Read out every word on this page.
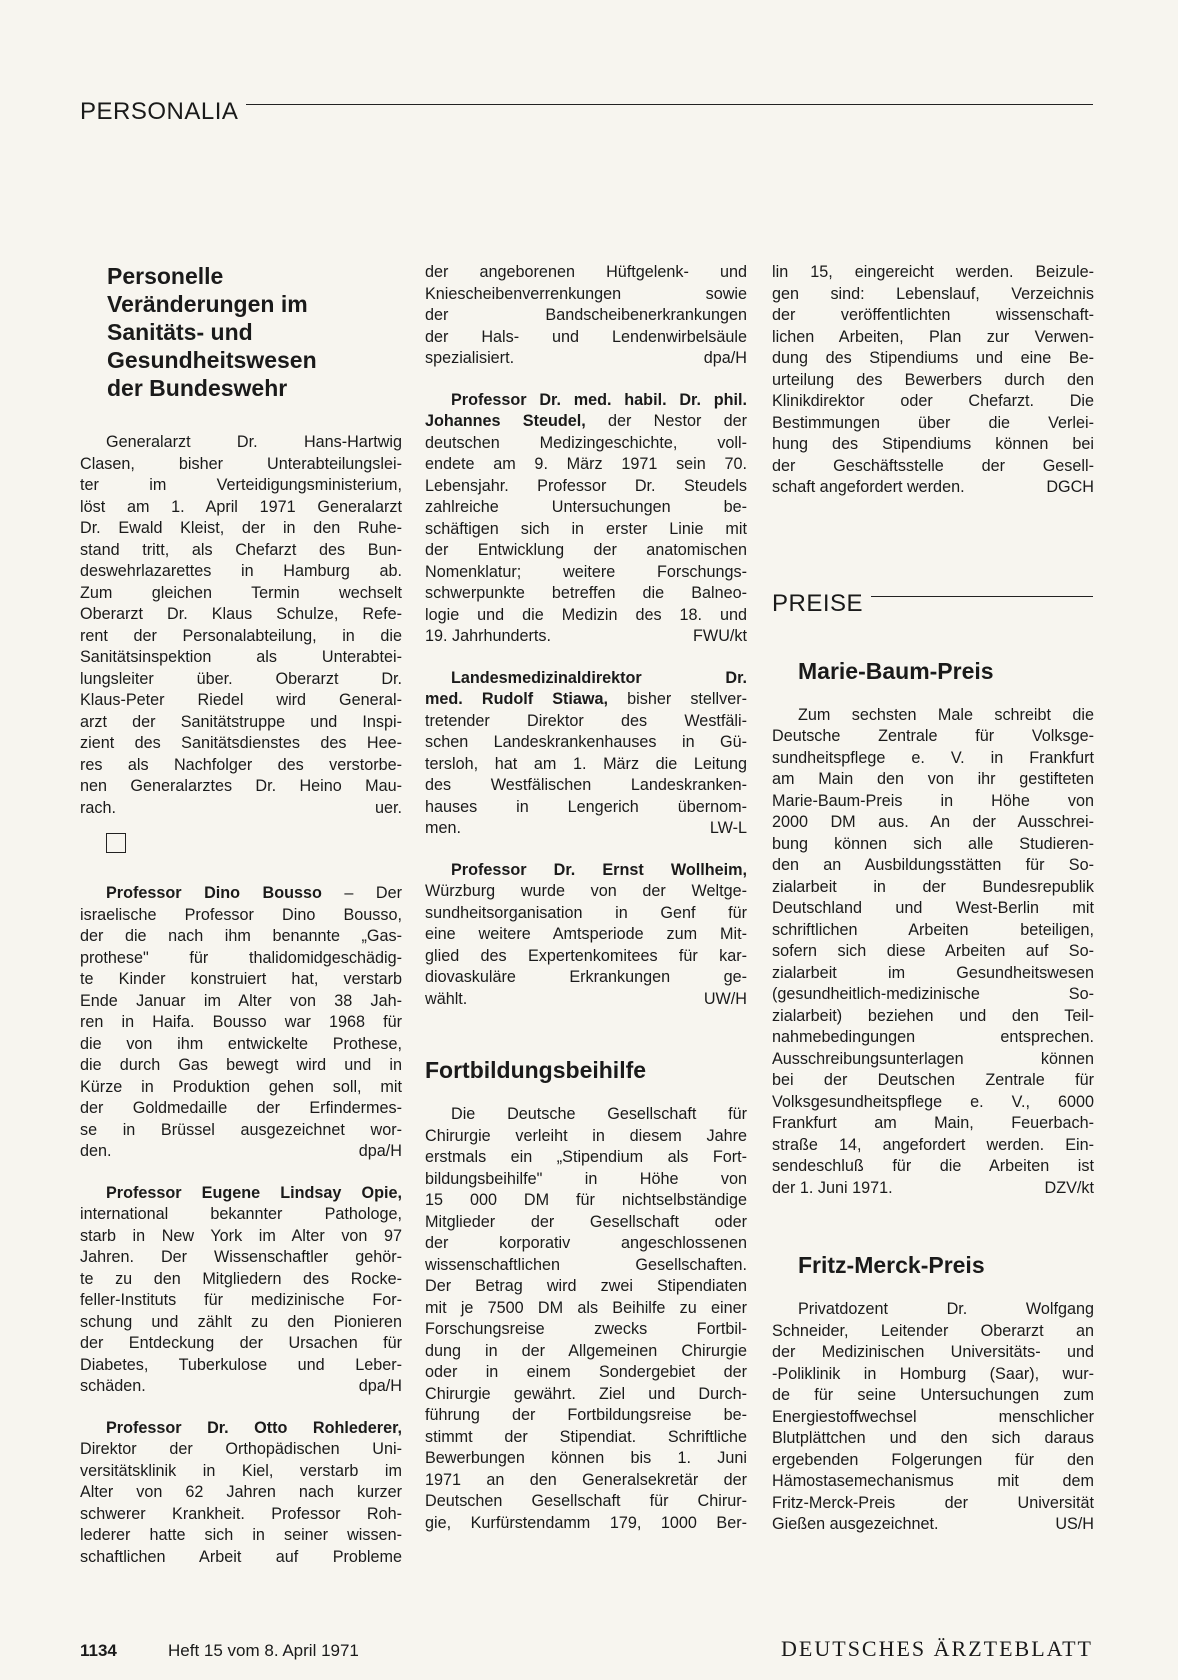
PERSONALIA
Personelle
Veränderungen im
Sanitäts- und
Gesundheitswesen
der Bundeswehr

Generalarzt Dr. Hans-Hartwig

Clasen, bisher Unterabteilungslei-

ter im Verteidigungsministerium,

löst am 1. April 1971 Generalarzt

Dr. Ewald Kleist, der in den Ruhe-

stand tritt, als Chefarzt des Bun-

deswehrlazarettes in Hamburg ab.

Zum gleichen Termin wechselt

Oberarzt Dr. Klaus Schulze, Refe-

rent der Personalabteilung, in die

Sanitätsinspektion als Unterabtei-

lungsleiter über. Oberarzt Dr.

Klaus-Peter Riedel wird General-

arzt der Sanitätstruppe und Inspi-

zient des Sanitätsdienstes des Hee-

res als Nachfolger des verstorbe-

nen Generalarztes Dr. Heino Mau-

rach.	uer.

Professor Dino Bousso – Der

israelische Professor Dino Bousso,

der die nach ihm benannte „Gas-

prothese" für thalidomidgeschädig-

te Kinder konstruiert hat, verstarb

Ende Januar im Alter von 38 Jah-

ren in Haifa. Bousso war 1968 für

die von ihm entwickelte Prothese,

die durch Gas bewegt wird und in

Kürze in Produktion gehen soll, mit

der Goldmedaille der Erfindermes-

se in Brüssel ausgezeichnet wor-

den.	dpa/H

Professor Eugene Lindsay Opie,

international bekannter Pathologe,

starb in New York im Alter von 97

Jahren. Der Wissenschaftler gehör-

te zu den Mitgliedern des Rocke-

feller-Instituts für medizinische For-

schung und zählt zu den Pionieren

der Entdeckung der Ursachen für

Diabetes, Tuberkulose und Leber-

schäden.	dpa/H

Professor Dr. Otto Rohlederer,

Direktor der Orthopädischen Uni-

versitätsklinik in Kiel, verstarb im

Alter von 62 Jahren nach kurzer

schwerer Krankheit. Professor Roh-

lederer hatte sich in seiner wissen-

schaftlichen Arbeit auf Probleme

der angeborenen Hüftgelenk- und

Kniescheibenverrenkungen sowie

der Bandscheibenerkrankungen

der Hals- und Lendenwirbelsäule

spezialisiert.	dpa/H

Professor Dr. med. habil. Dr. phil.

Johannes Steudel, der Nestor der

deutschen Medizingeschichte, voll-

endete am 9. März 1971 sein 70.

Lebensjahr. Professor Dr. Steudels

zahlreiche Untersuchungen be-

schäftigen sich in erster Linie mit

der Entwicklung der anatomischen

Nomenklatur; weitere Forschungs-

schwerpunkte betreffen die Balneo-

logie und die Medizin des 18. und

19. Jahrhunderts.	FWU/kt

Landesmedizinaldirektor Dr.

med. Rudolf Stiawa, bisher stellver-

tretender Direktor des Westfäli-

schen Landeskrankenhauses in Gü-

tersloh, hat am 1. März die Leitung

des Westfälischen Landeskranken-

hauses in Lengerich übernom-

men.	LW-L

Professor Dr. Ernst Wollheim,

Würzburg wurde von der Weltge-

sundheitsorganisation in Genf für

eine weitere Amtsperiode zum Mit-

glied des Expertenkomitees für kar-

diovaskuläre Erkrankungen ge-

wählt.	UW/H
Fortbildungsbeihilfe

Die Deutsche Gesellschaft für

Chirurgie verleiht in diesem Jahre

erstmals ein „Stipendium als Fort-

bildungsbeihilfe" in Höhe von

15 000 DM für nichtselbständige

Mitglieder der Gesellschaft oder

der korporativ angeschlossenen

wissenschaftlichen Gesellschaften.

Der Betrag wird zwei Stipendiaten

mit je 7500 DM als Beihilfe zu einer

Forschungsreise zwecks Fortbil-

dung in der Allgemeinen Chirurgie

oder in einem Sondergebiet der

Chirurgie gewährt. Ziel und Durch-

führung der Fortbildungsreise be-

stimmt der Stipendiat. Schriftliche

Bewerbungen können bis 1. Juni

1971 an den Generalsekretär der

Deutschen Gesellschaft für Chirur-

gie, Kurfürstendamm 179, 1000 Ber-

lin 15, eingereicht werden. Beizule-

gen sind: Lebenslauf, Verzeichnis

der veröffentlichten wissenschaft-

lichen Arbeiten, Plan zur Verwen-

dung des Stipendiums und eine Be-

urteilung des Bewerbers durch den

Klinikdirektor oder Chefarzt. Die

Bestimmungen über die Verlei-

hung des Stipendiums können bei

der Geschäftsstelle der Gesell-

schaft angefordert werden.	DGCH
Marie-Baum-Preis

Zum sechsten Male schreibt die

Deutsche Zentrale für Volksge-

sundheitspflege e. V. in Frankfurt

am Main den von ihr gestifteten

Marie-Baum-Preis in Höhe von

2000 DM aus. An der Ausschrei-

bung können sich alle Studieren-

den an Ausbildungsstätten für So-

zialarbeit in der Bundesrepublik

Deutschland und West-Berlin mit

schriftlichen Arbeiten beteiligen,

sofern sich diese Arbeiten auf So-

zialarbeit im Gesundheitswesen

(gesundheitlich-medizinische So-

zialarbeit) beziehen und den Teil-

nahmebedingungen entsprechen.

Ausschreibungsunterlagen können

bei der Deutschen Zentrale für

Volksgesundheitspflege e. V., 6000

Frankfurt am Main, Feuerbach-

straße 14, angefordert werden. Ein-

sendeschluß für die Arbeiten ist

der 1. Juni 1971.	DZV/kt
Fritz-Merck-Preis

Privatdozent Dr. Wolfgang

Schneider, Leitender Oberarzt an

der Medizinischen Universitäts- und

-Poliklinik in Homburg (Saar), wur-

de für seine Untersuchungen zum

Energiestoffwechsel menschlicher

Blutplättchen und den sich daraus

ergebenden Folgerungen für den

Hämostasemechanismus mit dem

Fritz-Merck-Preis der Universität

Gießen ausgezeichnet.	US/H
PREISE
1134	Heft 15 vom 8. April 1971	DEUTSCHES ÄRZTEBLATT
